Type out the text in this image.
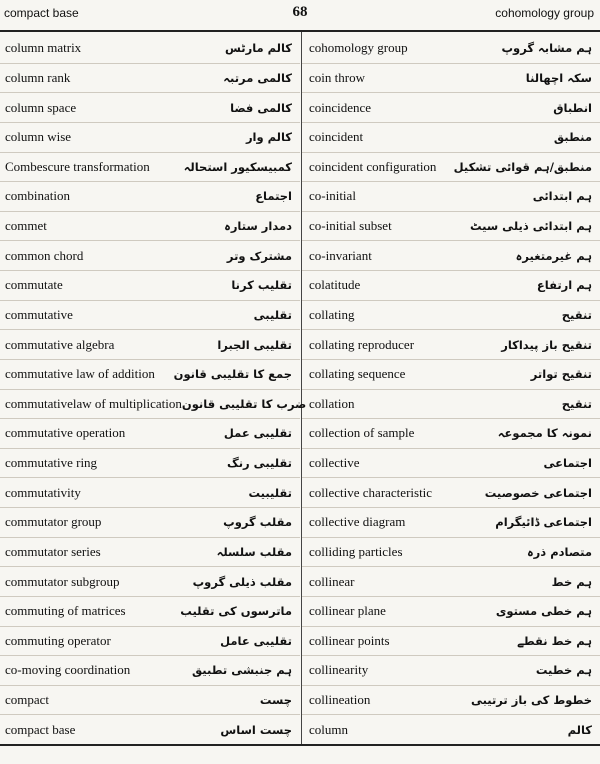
compact base	68	cohomology group
column matrix	کالم مارٹس
column rank	کالمی مرتبہ
column space	کالمی فضا
column wise	کالم وار
Combescure transformation	کمبیسکیور استحالہ
combination	اجتماع
commet	دمدار ستارہ
common chord	مشترک وتر
commutate	تقلیب کرنا
commutative	تقلیبی
commutative algebra	تقلیبی الجبرا
commutative law of addition جمع کا تقلیبی قانون
commutativelaw of multiplication ضرب کا تقلیبی قانون
commutative operation	تقلیبی عمل
commutative ring	تقلیبی رنگ
commutativity	تقلیبیت
commutator group	مقلب گروپ
commutator series	مقلب سلسلہ
commutator subgroup	مقلب ذیلی گروپ
commuting of matrices	ماترسوں کی تقلیب
commuting operator	تقلیبی عامل
co-moving coordination	ہم جنبشی تطبیق
compact	چست
compact base	چست اساس
cohomology group	ہم مشابہ گروپ
coin throw	سکہ اچھالنا
coincidence	انطباق
coincident	منطبق
coincident configuration منطبق/ہم قوائی تشکیل
co-initial	ہم ابتدائی
co-initial subset	ہم ابتدائی ذیلی سیٹ
co-invariant	ہم غیرمتغیرہ
colatitude	ہم ارتفاع
collating	تنقیح
collating reproducer	تنقیح باز پیداکار
collating sequence	تنقیح تواتر
collation	تنقیح
collection of sample	نمونہ کا مجموعہ
collective	اجتماعی
collective characteristic	اجتماعی خصوصیت
collective diagram	اجتماعی ڈائیگرام
colliding particles	متصادم ذرہ
collinear	ہم خط
collinear plane	ہم خطی مستوی
collinear points	ہم خط نقطے
collinearity	ہم خطیت
collineation	خطوط کی باز ترتیبی
column	کالم
